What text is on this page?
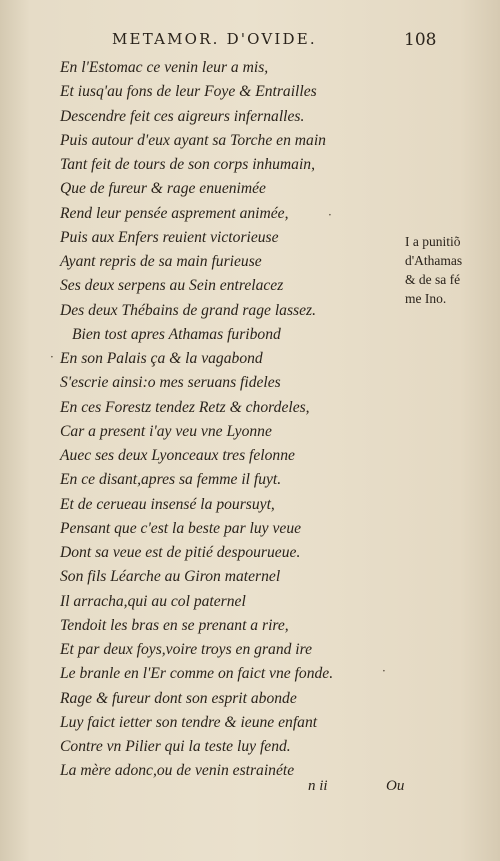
METAMOR. D'OVIDE.	108
En l'Estomac ce venin leur a mis,
Et iusq'au fons de leur Foye & Entrailles
Descendre feit ces aigreurs infernalles.
Puis autour d'eux ayant sa Torche en main
Tant feit de tours de son corps inhumain,
Que de fureur & rage enuenimée
Rend leur pensée asprement animée,
Puis aux Enfers reuient victorieuse
Ayant repris de sa main furieuse
Ses deux serpens au Sein entrelacez
Des deux Thébains de grand rage lassez.
Bien tost apres Athamas furibond
En son Palais ça & la vagabond
S'escrie ainsi:o mes seruans fideles
En ces Forestz tendez Retz & chordeles,
Car a present i'ay veu vne Lyonne
Auec ses deux Lyonceaux tres felonne
En ce disant,apres sa femme il fuyt.
Et de cerueau insensé la poursuyt,
Pensant que c'est la beste par luy veue
Dont sa veue est de pitié despourueue.
Son fils Léarche au Giron maternel
Il arracha,qui au col paternel
Tendoit les bras en se prenant a rire,
Et par deux foys,voire troys en grand ire
Le branle en l'Er comme on faict vne fonde.
Rage & fureur dont son esprit abonde
Luy faict ietter son tendre & ieune enfant
Contre vn Pilier qui la teste luy fend.
La mère adonc,ou de venin estrainéte
I a punitiõ
d'Athamas
& de sa fé
me Ino.
n ii	Ou
·
·
·
